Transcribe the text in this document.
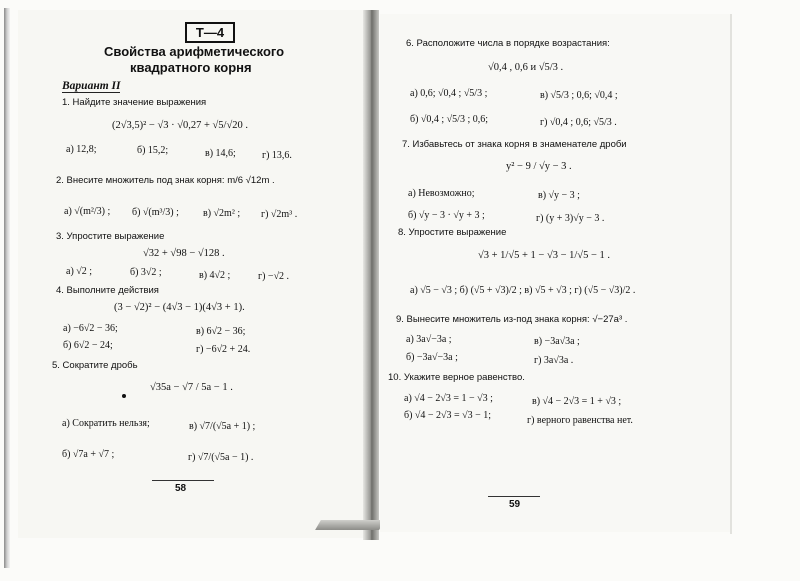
Т—4
Свойства арифметического
квадратного корня
Вариант II
1. Найдите значение выражения
(2√3,5)² − √3 · √0,27 + √5/√20 .
а) 12,8;	б) 15,2;	в) 14,6;	г) 13,6.
2. Внесите множитель под знак корня: m/6 √12m .
а) √(m²/3) ; б) √(m³/3) ; в) √2m² ; г) √2m³ .
3. Упростите выражение
√32 + √98 − √128 .
а) √2 ;	б) 3√2 ;	в) 4√2 ;	г) −√2 .
4. Выполните действия
(3 − √2)² − (4√3 − 1)(4√3 + 1).
а) −6√2 − 36;	в) 6√2 − 36;
б) 6√2 − 24;	г) −6√2 + 24.
5. Сократите дробь
√35a − √7 / 5a − 1 .
а) Сократить нельзя;	в) √7/(√5a + 1) ;
б) √7a + √7 ;	г) √7/(√5a − 1) .
58
6. Расположите числа в порядке возрастания:
√0,4 , 0,6 и √5/3 .
а) 0,6; √0,4 ; √5/3 ;	в) √5/3 ; 0,6; √0,4 ;
б) √0,4 ; √5/3 ; 0,6;	г) √0,4 ; 0,6; √5/3 .
7. Избавьтесь от знака корня в знаменателе дроби
y² − 9 / √y − 3 .
а) Невозможно;	в) √y − 3 ;
б) √y − 3 · √y + 3 ;	г) (y + 3)√y − 3 .
8. Упростите выражение
√3 + 1/√5 + 1 − √3 − 1/√5 − 1 .
а) √5 − √3 ; б) (√5 + √3)/2 ; в) √5 + √3 ; г) (√5 − √3)/2 .
9. Вынесите множитель из-под знака корня: √−27a³ .
а) 3a√−3a ;	в) −3a√3a ;
б) −3a√−3a ;	г) 3a√3a .
10. Укажите верное равенство.
а) √4 − 2√3 = 1 − √3 ;	в) √4 − 2√3 = 1 + √3 ;
б) √4 − 2√3 = √3 − 1;	г) верного равенства нет.
59
